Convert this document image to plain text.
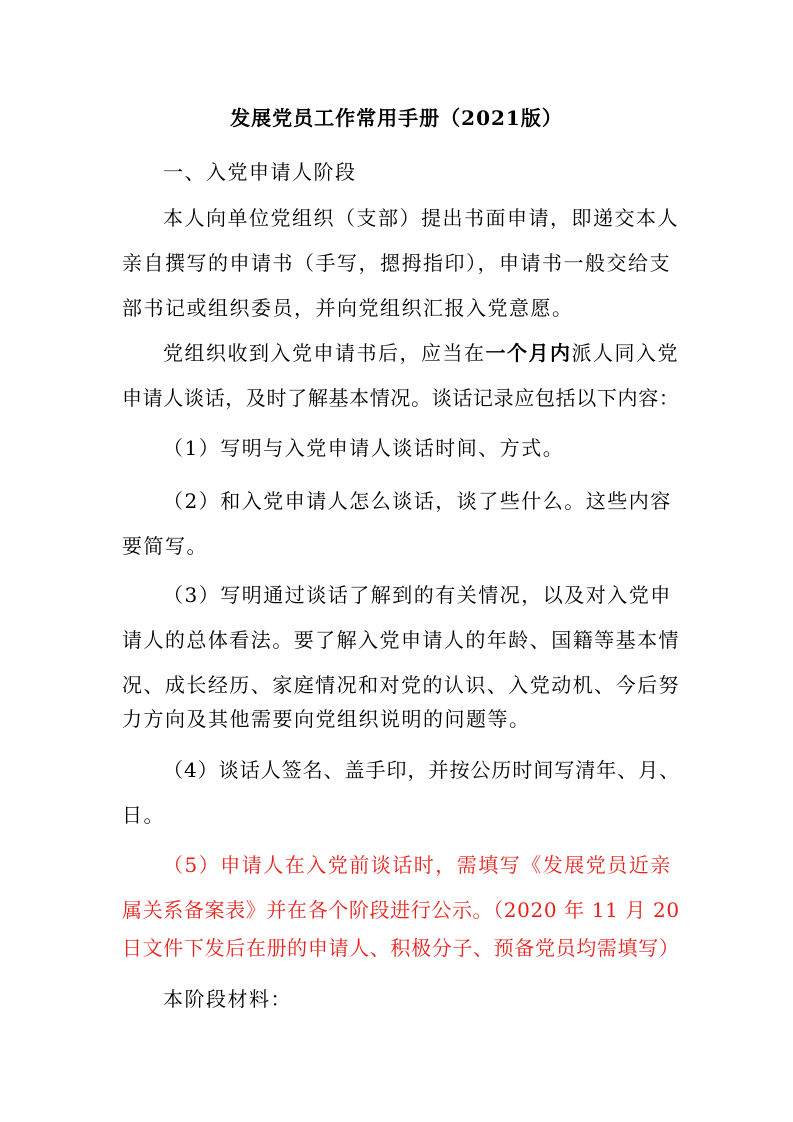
发展党员工作常用手册（2021版）
一、入党申请人阶段
本人向单位党组织（支部）提出书面申请，即递交本人
亲自撰写的申请书（手写，摁拇指印），申请书一般交给支
部书记或组织委员，并向党组织汇报入党意愿。
党组织收到入党申请书后，应当在一个月内派人同入党
申请人谈话，及时了解基本情况。谈话记录应包括以下内容：
（1）写明与入党申请人谈话时间、方式。
（2）和入党申请人怎么谈话，谈了些什么。这些内容
要简写。
（3）写明通过谈话了解到的有关情况，以及对入党申
请人的总体看法。要了解入党申请人的年龄、国籍等基本情
况、成长经历、家庭情况和对党的认识、入党动机、今后努
力方向及其他需要向党组织说明的问题等。
（4）谈话人签名、盖手印，并按公历时间写清年、月、
日。
（5）申请人在入党前谈话时，需填写《发展党员近亲
属关系备案表》并在各个阶段进行公示。（2020 年 11 月 20
日文件下发后在册的申请人、积极分子、预备党员均需填写）
本阶段材料：
